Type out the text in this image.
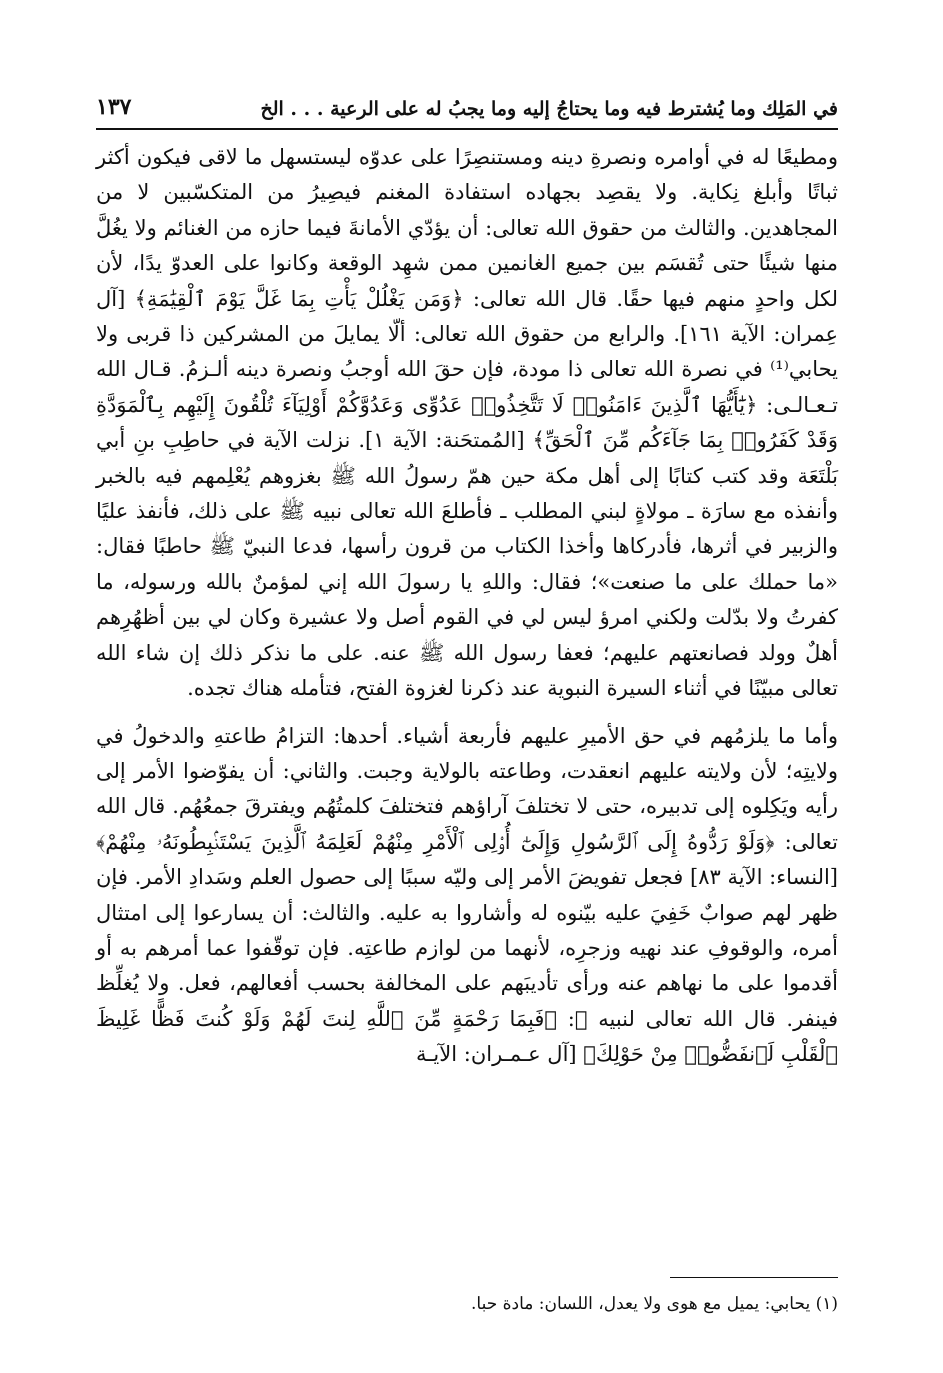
في المَلِك وما يُشترط فيه وما يحتاجُ إليه وما يجبُ له على الرعية . . . الخ
١٣٧

ومطيعًا له في أوامره ونصرةِ دينه ومستنصِرًا على عدوّه ليستسهل ما لاقى فيكون أكثر ثباتًا وأبلغ نِكاية. ولا يقصِد بجهاده استفادة المغنم فيصِيرُ من المتكسّبين لا من المجاهدين. والثالث من حقوق الله تعالى: أن يؤدّي الأمانةَ فيما حازه من الغنائم ولا يغُلَّ منها شيئًا حتى تُقسَم بين جميع الغانمين ممن شهِد الوقعة وكانوا على العدوّ يدًا، لأن لكل واحدٍ منهم فيها حقًا. قال الله تعالى: ﴿وَمَن يَغْلُلْ يَأْتِ بِمَا غَلَّ يَوْمَ ٱلْقِيَٰمَةِ﴾ [آل عِمران: الآية ١٦١]. والرابع من حقوق الله تعالى: ألّا يمايلَ من المشركين ذا قربى ولا يحابي⁽¹⁾ في نصرة الله تعالى ذا مودة، فإن حقَ الله أوجبُ ونصرة دينه ألـزمُ. قـال الله تـعـالـى: ﴿يَٰٓأَيُّهَا ٱلَّذِينَ ءَامَنُوا۟ لَا تَتَّخِذُوا۟ عَدُوِّى وَعَدُوَّكُمْ أَوْلِيَآءَ تُلْقُونَ إِلَيْهِم بِٱلْمَوَدَّةِ وَقَدْ كَفَرُوا۟ بِمَا جَآءَكُم مِّنَ ٱلْحَقِّ﴾ [المُمتحَنة: الآية ١]. نزلت الآية في حاطِبِ بنِ أبي بَلْتَعَة وقد كتب كتابًا إلى أهل مكة حين همّ رسولُ الله ﷺ بغزوهم يُعْلِمهم فيه بالخبر وأنفذه مع سارَة ـ مولاةٍ لبني المطلب ـ فأطلعَ الله تعالى نبيه ﷺ على ذلك، فأنفذ عليًا والزبير في أثرها، فأدركاها وأخذا الكتاب من قرون رأسها، فدعا النبيّ ﷺ حاطبًا فقال: «ما حملك على ما صنعت»؛ فقال: واللهِ يا رسولَ الله إني لمؤمنٌ بالله ورسوله، ما كفرتُ ولا بدّلت ولكني امرؤ ليس لي في القوم أصل ولا عشيرة وكان لي بين أظهُرِهم أهلٌ وولد فصانعتهم عليهم؛ فعفا رسول الله ﷺ عنه. على ما نذكر ذلك إن شاء الله تعالى مبيّنًا في أثناء السيرة النبوية عند ذكرنا لغزوة الفتح، فتأمله هناك تجده.

وأما ما يلزمُهم في حق الأميرِ عليهم فأربعة أشياء. أحدها: التزامُ طاعتهِ والدخولُ في ولايتِه؛ لأن ولايته عليهم انعقدت، وطاعته بالولاية وجبت. والثاني: أن يفوّضوا الأمر إلى رأيه ويَكِلوه إلى تدبيره، حتى لا تختلفَ آراؤهم فتختلفَ كلمتُهُم ويفترقَ جمعُهُم. قال الله تعالى: ﴿وَلَوْ رَدُّوهُ إِلَى ٱلرَّسُولِ وَإِلَىٰٓ أُو۟لِى ٱلْأَمْرِ مِنْهُمْ لَعَلِمَهُ ٱلَّذِينَ يَسْتَنۢبِطُونَهُۥ مِنْهُمْ﴾ [النساء: الآية ٨٣] فجعل تفويضَ الأمر إلى وليّه سببًا إلى حصول العلم وسَدادِ الأمر. فإن ظهر لهم صوابٌ خَفِيَ عليه بيّنوه له وأشاروا به عليه. والثالث: أن يسارعوا إلى امتثال أمره، والوقوفِ عند نهيه وزجرِه، لأنهما من لوازم طاعتِه. فإن توقّفوا عما أمرهم به أو أقدموا على ما نهاهم عنه ورأى تأديبَهم على المخالفة بحسب أفعالهم، فعل. ولا يُغلِّظ فينفر. قال الله تعالى لنبيه ﷺ: ﴿فَبِمَا رَحْمَةٍ مِّنَ ٱللَّهِ لِنتَ لَهُمْ وَلَوْ كُنتَ فَظًّا غَلِيظَ ٱلْقَلْبِ لَٱنفَضُّوا۟ مِنْ حَوْلِكَ﴾ [آل عـمـران: الآيـة

(١) يحابي: يميل مع هوى ولا يعدل، اللسان: مادة حبا.
